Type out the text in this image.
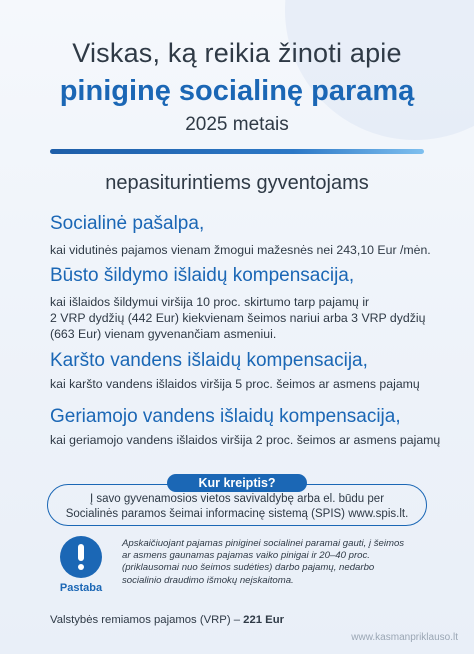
Viskas, ką reikia žinoti apie
piniginę socialinę paramą
2025 metais
nepasiturintiems gyventojams
Socialinė pašalpa,
kai vidutinės pajamos vienam žmogui mažesnės nei 243,10 Eur /mėn.
Būsto šildymo išlaidų kompensacija,
kai išlaidos šildymui viršija 10 proc. skirtumo tarp pajamų ir
2 VRP dydžių (442 Eur) kiekvienam šeimos nariui arba 3 VRP dydžių
(663 Eur) vienam gyvenančiam asmeniui.
Karšto vandens išlaidų kompensacija,
kai karšto vandens išlaidos viršija 5 proc. šeimos ar asmens pajamų
Geriamojo vandens išlaidų kompensacija,
kai geriamojo vandens išlaidos viršija 2 proc. šeimos ar asmens pajamų
Kur kreiptis?
Į savo gyvenamosios vietos savivaldybę arba el. būdu per
Socialinės paramos šeimai informacinę sistemą (SPIS) www.spis.lt.
Pastaba
Apskaičiuojant pajamas piniginei socialinei paramai gauti, į šeimos
ar asmens gaunamas pajamas vaiko pinigai ir 20–40 proc.
(priklausomai nuo šeimos sudėties) darbo pajamų, nedarbo
socialinio draudimo išmokų neįskaitoma.
Valstybės remiamos pajamos (VRP) – 221 Eur
www.kasmanpriklauso.lt
